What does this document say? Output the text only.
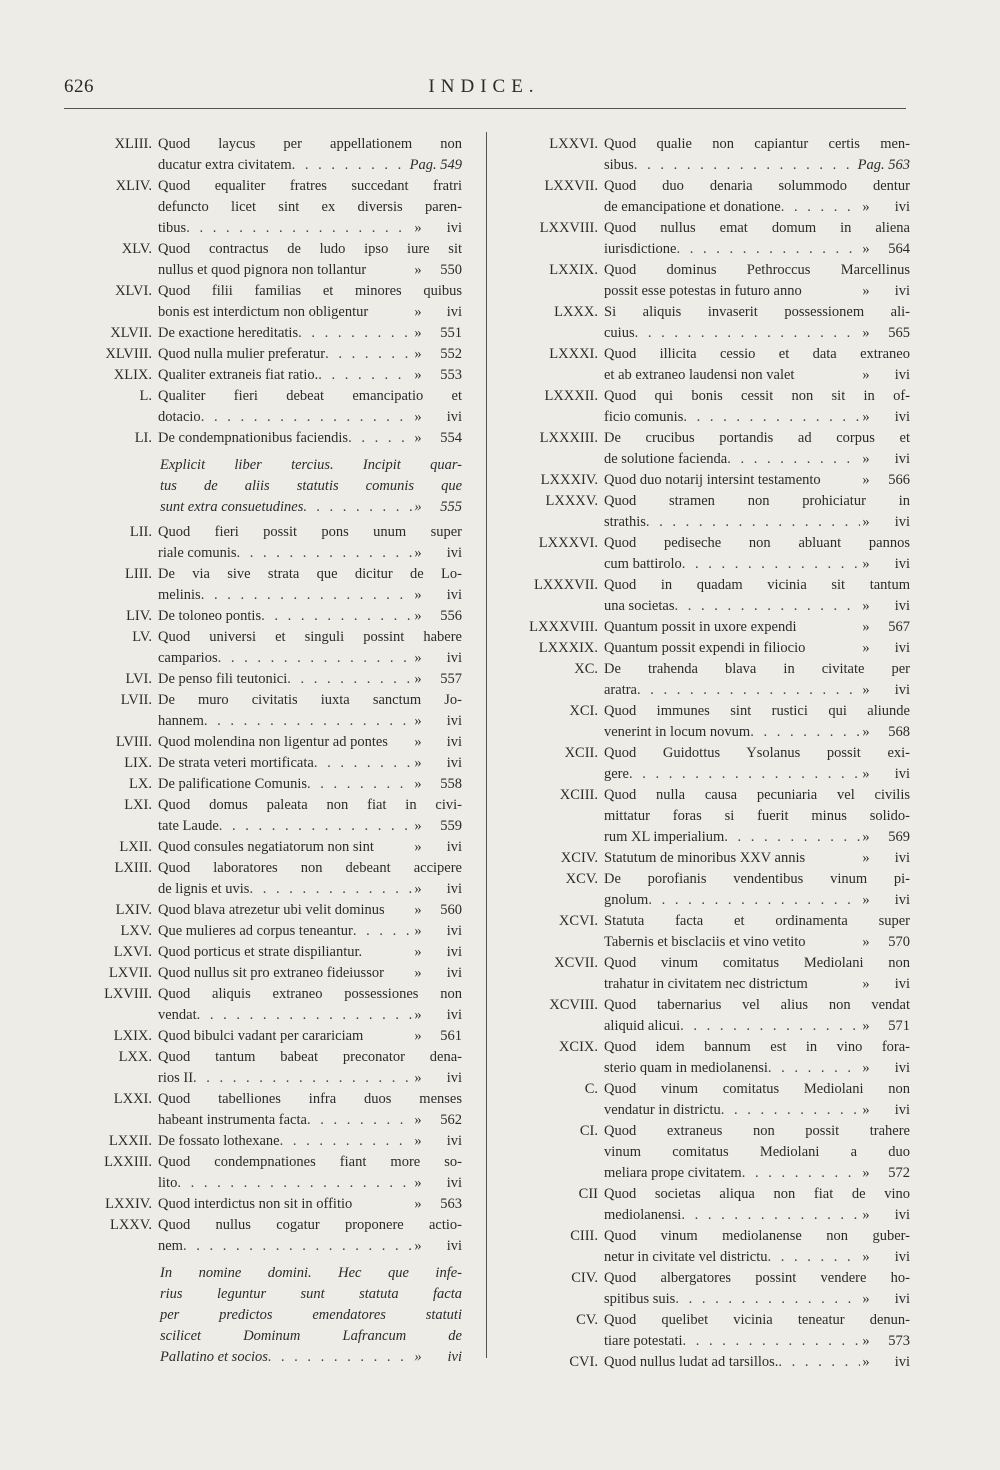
626	INDICE.
XLIII. Quod laycus per appellationem non
ducatur extra civitatem . . .	Pag. 549
XLIV. Quod equaliter fratres succedant fratri
defuncto licet sint ex diversis paren-
tibus . . .	»	ivi
XLV. Quod contractus de ludo ipso iure sit
nullus et quod pignora non tollantur	»	550
XLVI. Quod filii familias et minores quibus
bonis est interdictum non obligentur	»	ivi
XLVII. De exactione hereditatis . . .	»	551
XLVIII. Quod nulla mulier preferatur . . .	»	552
XLIX. Qualiter extraneis fiat ratio. . . .	»	553
L. Qualiter fieri debeat emancipatio et
dotacio . . .	»	ivi
LI. De condempnationibus faciendis . . .	»	554
Explicit liber tercius. Incipit quar-
tus de aliis statutis comunis que
sunt extra consuetudines . . .	»	555
LII. Quod fieri possit pons unum super
riale comunis . . .	»	ivi
LIII. De via sive strata que dicitur de Lo-
melinis . . .	»	ivi
LIV. De toloneo pontis . . .	»	556
LV. Quod universi et singuli possint habere
camparios . . .	»	ivi
LVI. De penso fili teutonici . . .	»	557
LVII. De muro civitatis iuxta sanctum Jo-
hannem . . .	»	ivi
LVIII. Quod molendina non ligentur ad pontes »	ivi
LIX. De strata veteri mortificata . . .	»	ivi
LX. De palificatione Comunis . . .	»	558
LXI. Quod domus paleata non fiat in civi-
tate Laude . . .	»	559
LXII. Quod consules negatiatorum non sint	»	ivi
LXIII. Quod laboratores non debeant accipere
de lignis et uvis . . .	»	ivi
LXIV. Quod blava atrezetur ubi velit dominus »	560
LXV. Que mulieres ad corpus teneantur . . .	»	ivi
LXVI. Quod porticus et strate dispiliantur.	»	ivi
LXVII. Quod nullus sit pro extraneo fideiussor »	ivi
LXVIII. Quod aliquis extraneo possessiones non
vendat . . .	»	ivi
LXIX. Quod bibulci vadant per carariciam	»	561
LXX. Quod tantum babeat preconator dena-
rios II . . .	»	ivi
LXXI. Quod tabelliones infra duos menses
habeant instrumenta facta . . .	»	562
LXXII. De fossato lothexane . . .	»	ivi
LXXIII. Quod condempnationes fiant more so-
lito . . .	»	ivi
LXXIV. Quod interdictus non sit in offitio	»	563
LXXV. Quod nullus cogatur proponere actio-
nem . . .	»	ivi
In nomine domini. Hec que infe-
rius leguntur sunt statuta facta
per predictos emendatores statuti
scilicet Dominum Lafrancum de
Pallatino et socios . . .	»	ivi
LXXVI. Quod qualie non capiantur certis men-
sibus . . .	Pag. 563
LXXVII. Quod duo denaria solummodo dentur
de emancipatione et donatione . . .	»	ivi
LXXVIII. Quod nullus emat domum in aliena
iurisdictione . . .	»	564
LXXIX. Quod dominus Pethroccus Marcellinus
possit esse potestas in futuro anno	»	ivi
LXXX. Si aliquis invaserit possessionem ali-
cuius . . .	»	565
LXXXI. Quod illicita cessio et data extraneo
et ab extraneo laudensi non valet	»	ivi
LXXXII. Quod qui bonis cessit non sit in of-
ficio comunis . . .	»	ivi
LXXXIII. De crucibus portandis ad corpus et
de solutione facienda . . .	»	ivi
LXXXIV. Quod duo notarij intersint testamento	»	566
LXXXV. Quod stramen non prohiciatur in
strathis . . .	»	ivi
LXXXVI. Quod pediseche non abluant pannos
cum battirolo . . .	»	ivi
LXXXVII. Quod in quadam vicinia sit tantum
una societas . . .	»	ivi
LXXXVIII. Quantum possit in uxore expendi	»	567
LXXXIX. Quantum possit expendi in filiocio	»	ivi
XC. De trahenda blava in civitate per
aratra . . .	»	ivi
XCI. Quod immunes sint rustici qui aliunde
venerint in locum novum . . .	»	568
XCII. Quod Guidottus Ysolanus possit exi-
gere . . .	»	ivi
XCIII. Quod nulla causa pecuniaria vel civilis
mittatur foras si fuerit minus solido-
rum XL imperialium . . .	»	569
XCIV. Statutum de minoribus XXV annis	»	ivi
XCV. De porofianis vendentibus vinum pi-
gnolum . . .	»	ivi
XCVI. Statuta facta et ordinamenta super
Tabernis et bisclaciis et vino vetito	»	570
XCVII. Quod vinum comitatus Mediolani non
trahatur in civitatem nec districtum	»	ivi
XCVIII. Quod tabernarius vel alius non vendat
aliquid alicui . . .	»	571
XCIX. Quod idem bannum est in vino fora-
sterio quam in mediolanensi . . .	»	ivi
C. Quod vinum comitatus Mediolani non
vendatur in districtu . . .	»	ivi
CI. Quod extraneus non possit trahere
vinum comitatus Mediolani a duo
meliara prope civitatem . . .	»	572
CII Quod societas aliqua non fiat de vino
mediolanensi . . .	»	ivi
CIII. Quod vinum mediolanense non guber-
netur in civitate vel districtu . . .	»	ivi
CIV. Quod albergatores possint vendere ho-
spitibus suis . . .	»	ivi
CV. Quod quelibet vicinia teneatur denun-
tiare potestati . . .	»	573
CVI. Quod nullus ludat ad tarsillos. . . .	»	ivi
